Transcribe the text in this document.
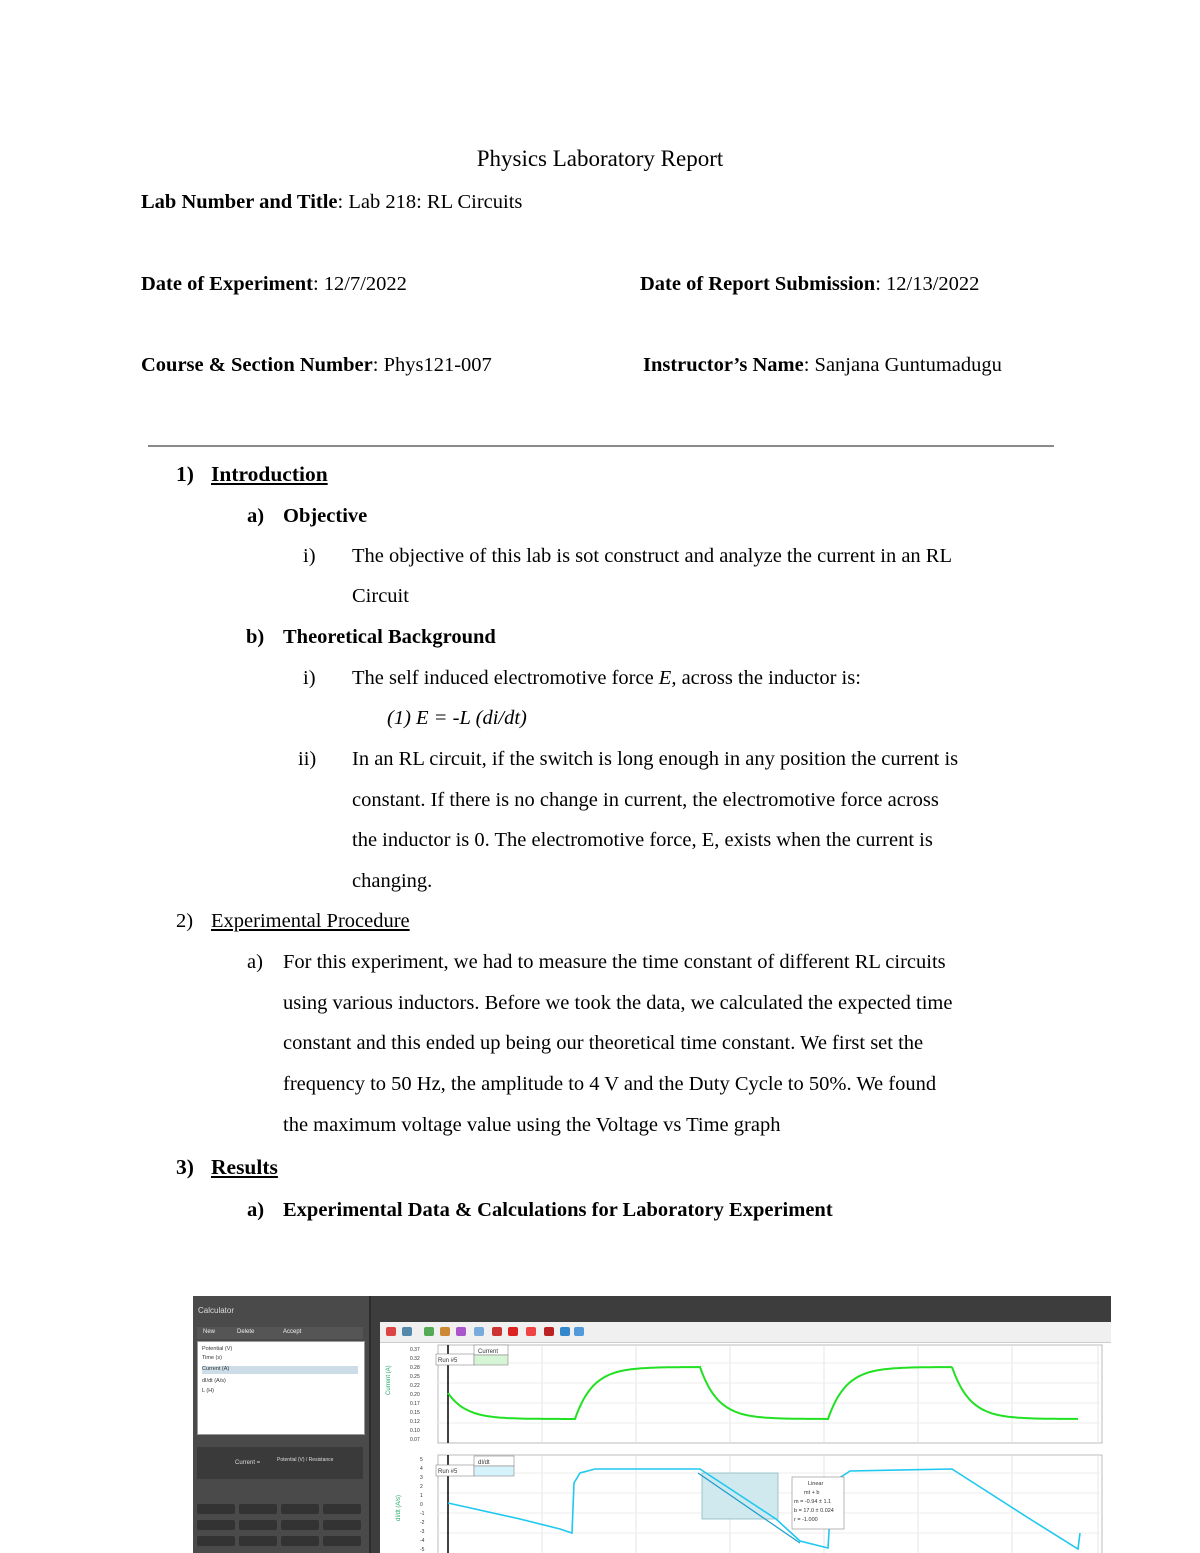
Physics Laboratory Report
Lab Number and Title: Lab 218: RL Circuits
Date of Experiment: 12/7/2022	Date of Report Submission: 12/13/2022
Course & Section Number: Phys121-007	Instructor’s Name: Sanjana Guntumadugu
1) Introduction
a) Objective
i) The objective of this lab is sot construct and analyze the current in an RL
Circuit
b) Theoretical Background
i) The self induced electromotive force E, across the inductor is:
(1) E = -L (di/dt)
ii) In an RL circuit, if the switch is long enough in any position the current is
constant. If there is no change in current, the electromotive force across
the inductor is 0. The electromotive force, E, exists when the current is
changing.
2) Experimental Procedure
a) For this experiment, we had to measure the time constant of different RL circuits
using various inductors. Before we took the data, we calculated the expected time
constant and this ended up being our theoretical time constant. We first set the
frequency to 50 Hz, the amplitude to 4 V and the Duty Cycle to 50%. We found
the maximum voltage value using the Voltage vs Time graph
3) Results
a) Experimental Data & Calculations for Laboratory Experiment
Calculator
New	Delete	Accept
Potential (V)
Time (s)
Current (A)
dI/dt (A/s)
L (H)
Current =	Potential (V) / Resistance
0.37
0.32
0.28
0.25
0.22
0.20
0.17
0.15
0.12
0.10
0.07
5
4
3
2
1
0
-1
-2
-3
-4
-5
Current (A)
dI/dt (A/s)
Run #5
Current
Run #5
dI/dt
Linear
mt + b
m = -0.94 ± 1.1
b = 17.0 ± 0.024
r = -1.000
